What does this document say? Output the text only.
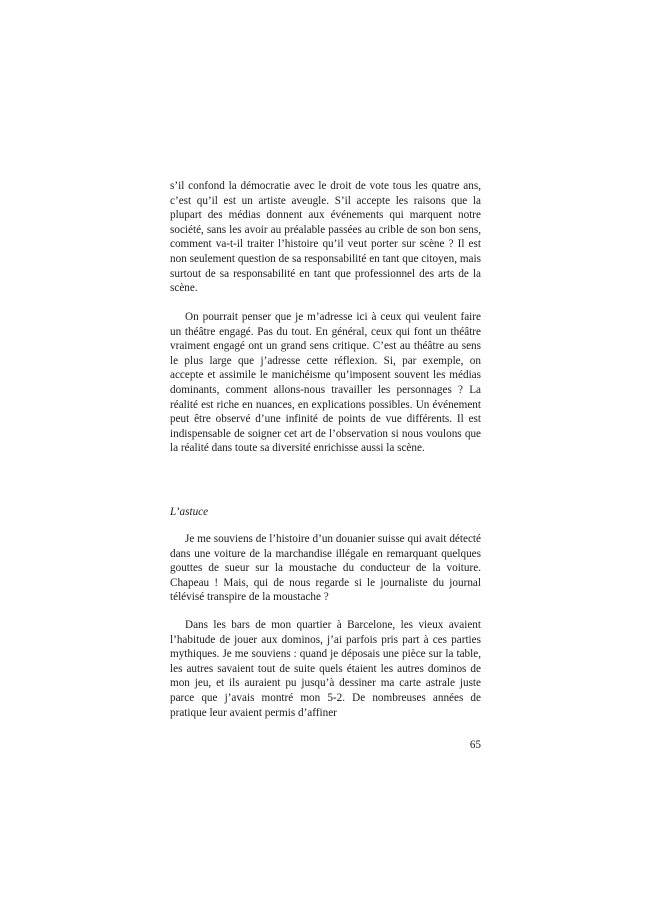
s’il confond la démocratie avec le droit de vote tous les quatre ans, c’est qu’il est un artiste aveugle. S’il accepte les raisons que la plupart des médias donnent aux événements qui marquent notre société, sans les avoir au préalable passées au crible de son bon sens, comment va-t-il traiter l’histoire qu’il veut porter sur scène ? Il est non seulement question de sa responsabilité en tant que citoyen, mais surtout de sa responsabilité en tant que professionnel des arts de la scène.

On pourrait penser que je m’adresse ici à ceux qui veulent faire un théâtre engagé. Pas du tout. En général, ceux qui font un théâtre vraiment engagé ont un grand sens critique. C’est au théâtre au sens le plus large que j’adresse cette réflexion. Si, par exemple, on accepte et assimile le manichéisme qu’imposent souvent les médias dominants, comment allons-nous travailler les personnages ? La réalité est riche en nuances, en explications possibles. Un événement peut être observé d’une infinité de points de vue différents. Il est indispensable de soigner cet art de l’observation si nous voulons que la réalité dans toute sa diversité enrichisse aussi la scène.

L’astuce

Je me souviens de l’histoire d’un douanier suisse qui avait détecté dans une voiture de la marchandise illégale en remarquant quelques gouttes de sueur sur la moustache du conducteur de la voiture. Chapeau ! Mais, qui de nous regarde si le journaliste du journal télévisé transpire de la moustache ?

Dans les bars de mon quartier à Barcelone, les vieux avaient l’habitude de jouer aux dominos, j’ai parfois pris part à ces parties mythiques. Je me souviens : quand je déposais une pièce sur la table, les autres savaient tout de suite quels étaient les autres dominos de mon jeu, et ils auraient pu jusqu’à dessiner ma carte astrale juste parce que j’avais montré mon 5-2. De nombreuses années de pratique leur avaient permis d’affiner

65
